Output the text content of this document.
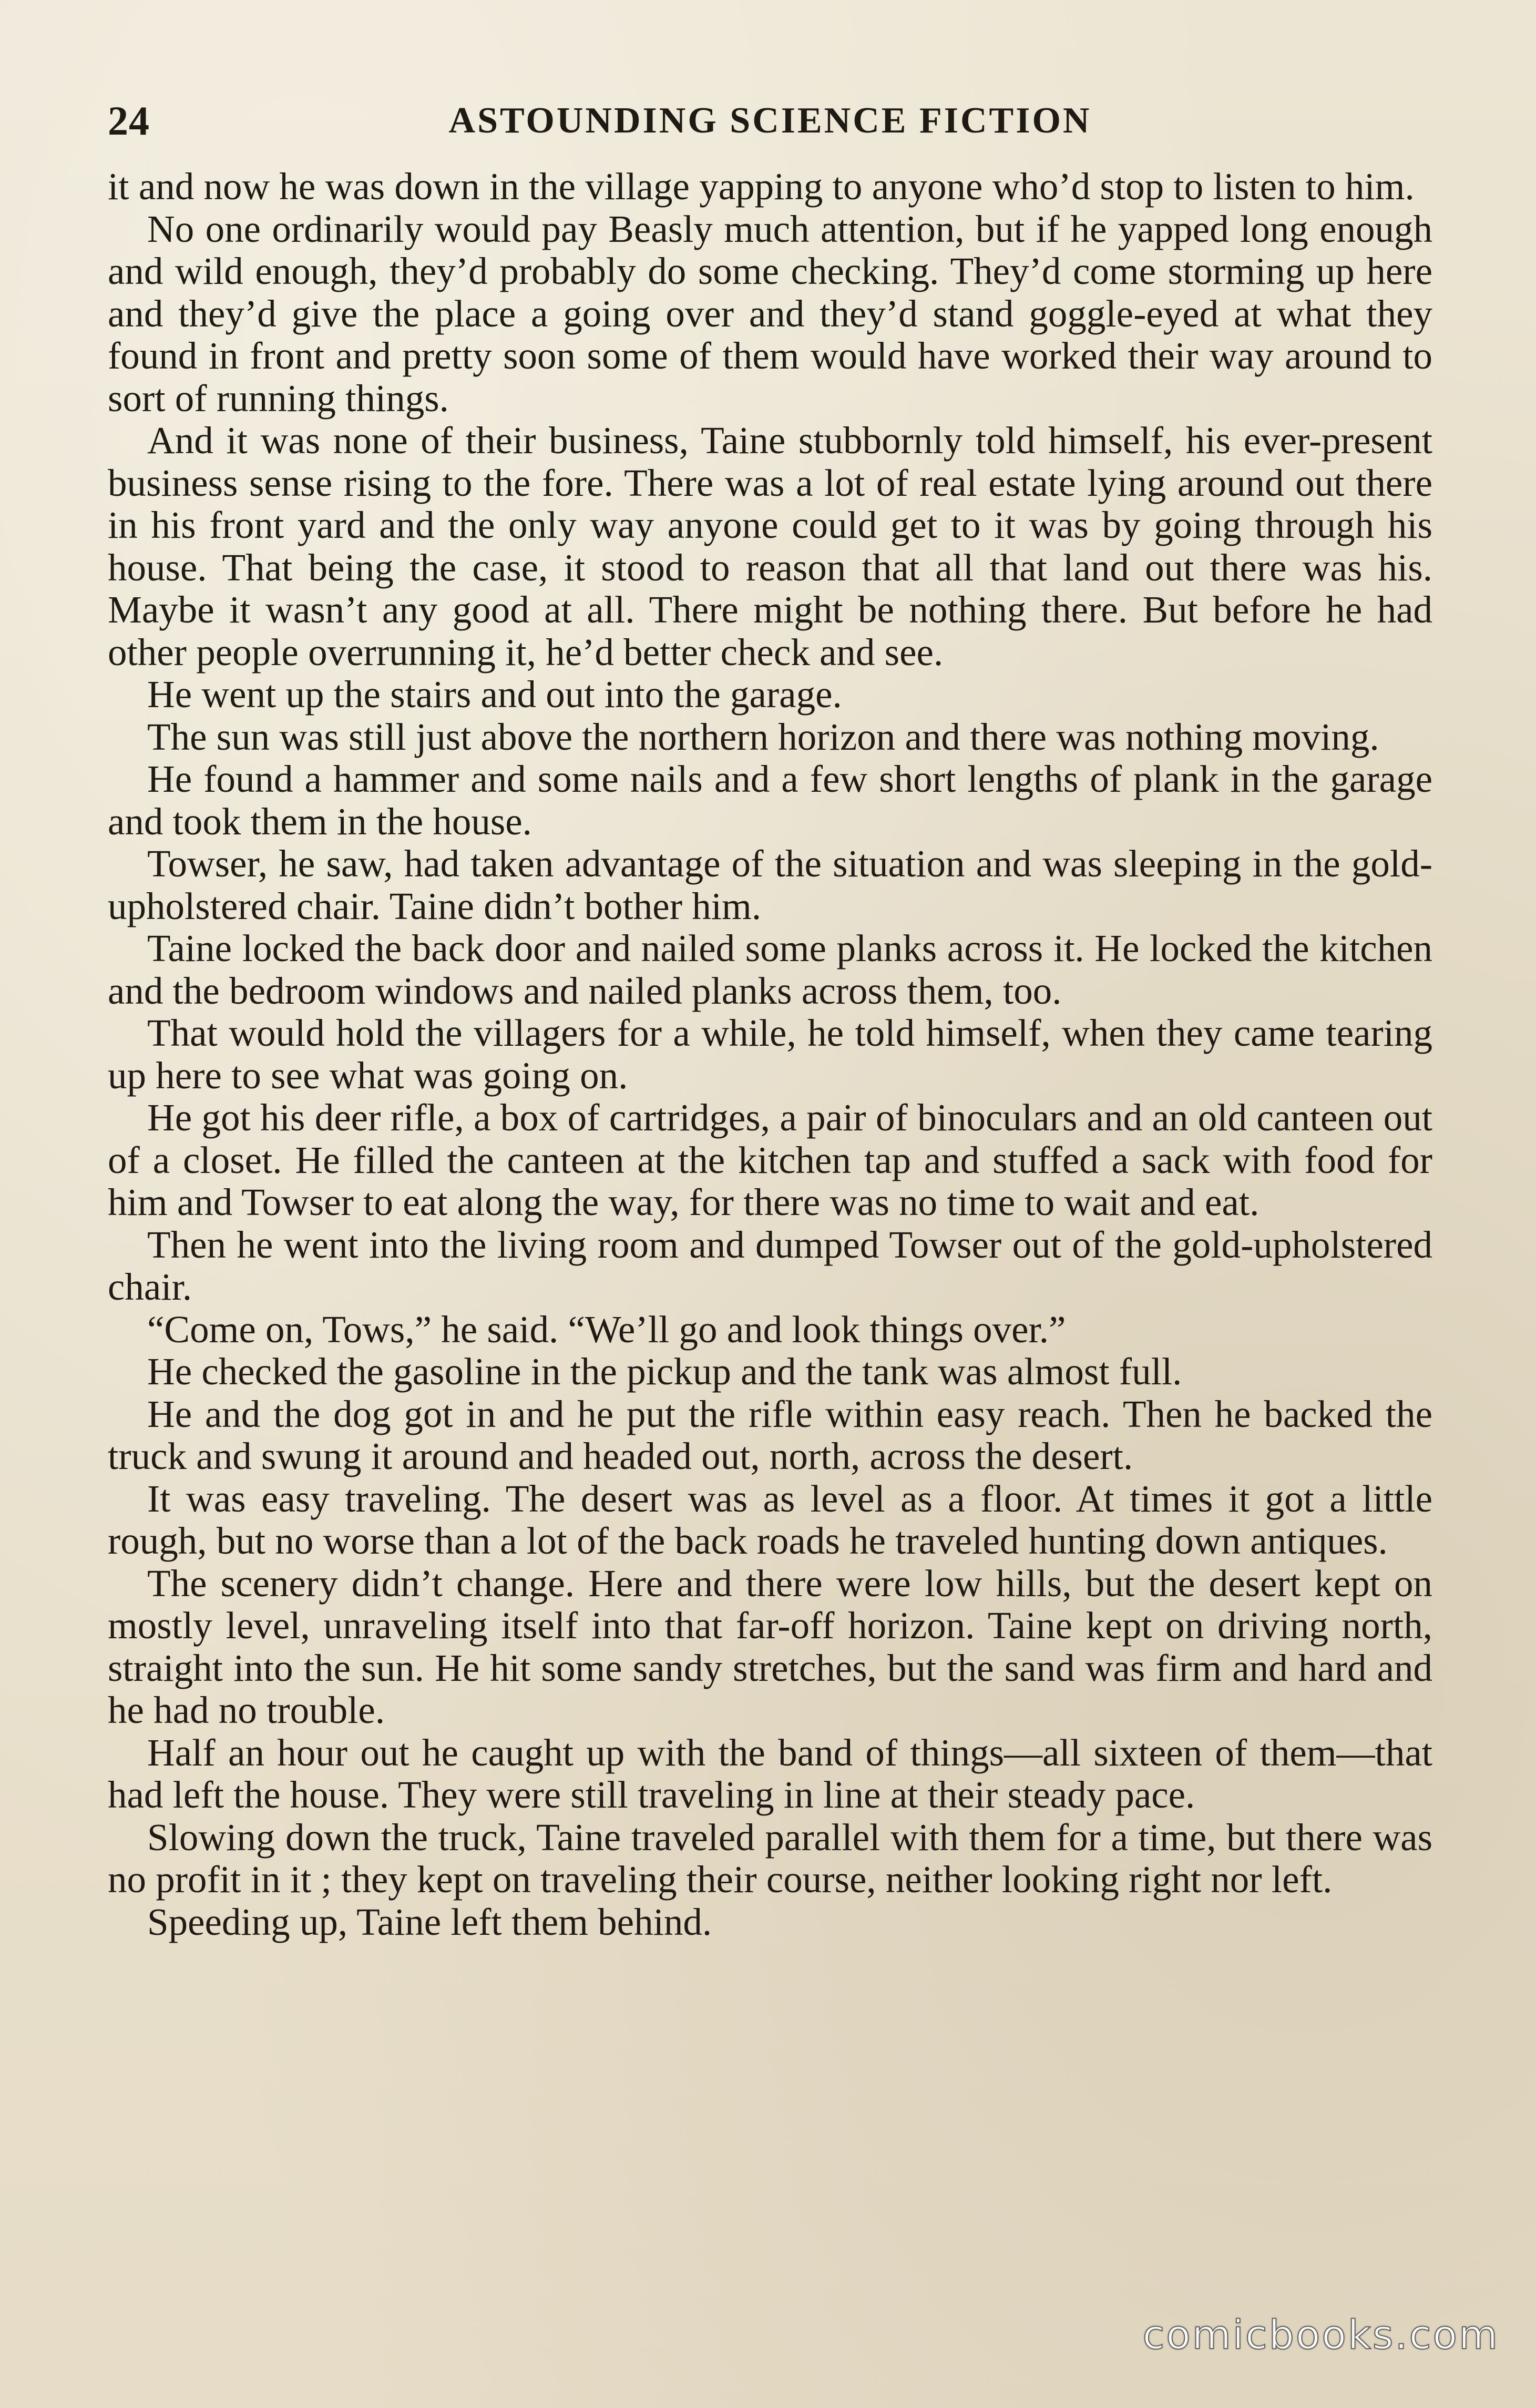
24	ASTOUNDING SCIENCE FICTION

it and now he was down in the village yapping to anyone who’d stop to listen to him.

No one ordinarily would pay Beasly much attention, but if he yapped long enough and wild enough, they’d probably do some checking. They’d come storming up here and they’d give the place a going over and they’d stand goggle-eyed at what they found in front and pretty soon some of them would have worked their way around to sort of running things.

And it was none of their business, Taine stubbornly told himself, his ever-present business sense rising to the fore. There was a lot of real estate lying around out there in his front yard and the only way anyone could get to it was by going through his house. That being the case, it stood to reason that all that land out there was his. Maybe it wasn’t any good at all. There might be nothing there. But before he had other people overrunning it, he’d better check and see.

He went up the stairs and out into the garage.

The sun was still just above the northern horizon and there was nothing moving.

He found a hammer and some nails and a few short lengths of plank in the garage and took them in the house.

Towser, he saw, had taken advantage of the situation and was sleeping in the gold-upholstered chair. Taine didn’t bother him.

Taine locked the back door and nailed some planks across it. He locked the kitchen and the bedroom windows and nailed planks across them, too.

That would hold the villagers for a while, he told himself, when they came tearing up here to see what was going on.

He got his deer rifle, a box of cartridges, a pair of binoculars and an old canteen out of a closet. He filled the canteen at the kitchen tap and stuffed a sack with food for him and Towser to eat along the way, for there was no time to wait and eat.

Then he went into the living room and dumped Towser out of the gold-upholstered chair.

“Come on, Tows,” he said. “We’ll go and look things over.”

He checked the gasoline in the pickup and the tank was almost full.

He and the dog got in and he put the rifle within easy reach. Then he backed the truck and swung it around and headed out, north, across the desert.

It was easy traveling. The desert was as level as a floor. At times it got a little rough, but no worse than a lot of the back roads he traveled hunting down antiques.

The scenery didn’t change. Here and there were low hills, but the desert kept on mostly level, unraveling itself into that far-off horizon. Taine kept on driving north, straight into the sun. He hit some sandy stretches, but the sand was firm and hard and he had no trouble.

Half an hour out he caught up with the band of things—all sixteen of them—that had left the house. They were still traveling in line at their steady pace.

Slowing down the truck, Taine traveled parallel with them for a time, but there was no profit in it ; they kept on traveling their course, neither looking right nor left.

Speeding up, Taine left them behind.

comicbooks.com
